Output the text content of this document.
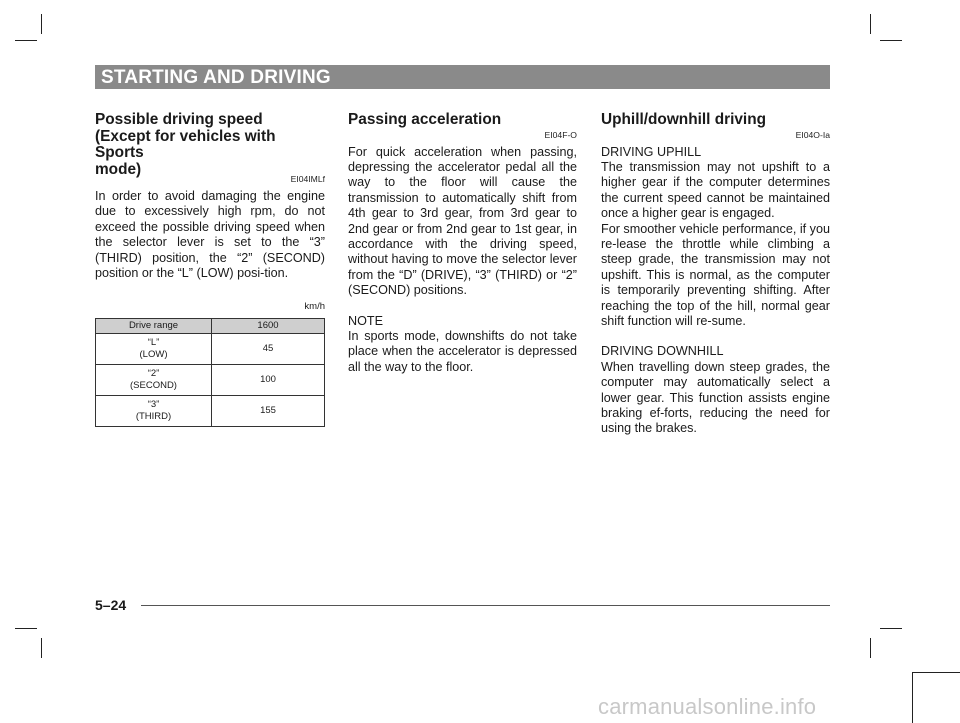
STARTING AND DRIVING
Possible driving speed
(Except for vehicles with Sports
mode)
EI04IMLf

In order to avoid damaging the engine due to excessively high rpm, do not exceed the possible driving speed when the selector lever is set to the “3” (THIRD) position, the “2” (SECOND) position or the “L” (LOW) posi-tion.

km/h
Drive range	1600
“L”
(LOW)	45
“2”
(SECOND)	100
“3”
(THIRD)	155
Passing acceleration
EI04F-O

For quick acceleration when passing, depressing the accelerator pedal all the way to the floor will cause the transmission to automatically shift from 4th gear to 3rd gear, from 3rd gear to 2nd gear or from 2nd gear to 1st gear, in accordance with the driving speed, without having to move the selector lever from the “D” (DRIVE), “3” (THIRD) or “2” (SECOND) positions.

NOTE

In sports mode, downshifts do not take place when the accelerator is depressed all the way to the floor.

Uphill/downhill driving
EI04O-Ia
DRIVING UPHILL

The transmission may not upshift to a higher gear if the computer determines the current speed cannot be maintained once a higher gear is engaged.

For smoother vehicle performance, if you re-lease the throttle while climbing a steep grade, the transmission may not upshift. This is normal, as the computer is temporarily preventing shifting. After reaching the top of the hill, normal gear shift function will re-sume.

DRIVING DOWNHILL

When travelling down steep grades, the computer may automatically select a lower gear. This function assists engine braking ef-forts, reducing the need for using the brakes.

5–24
carmanualsonline.info
